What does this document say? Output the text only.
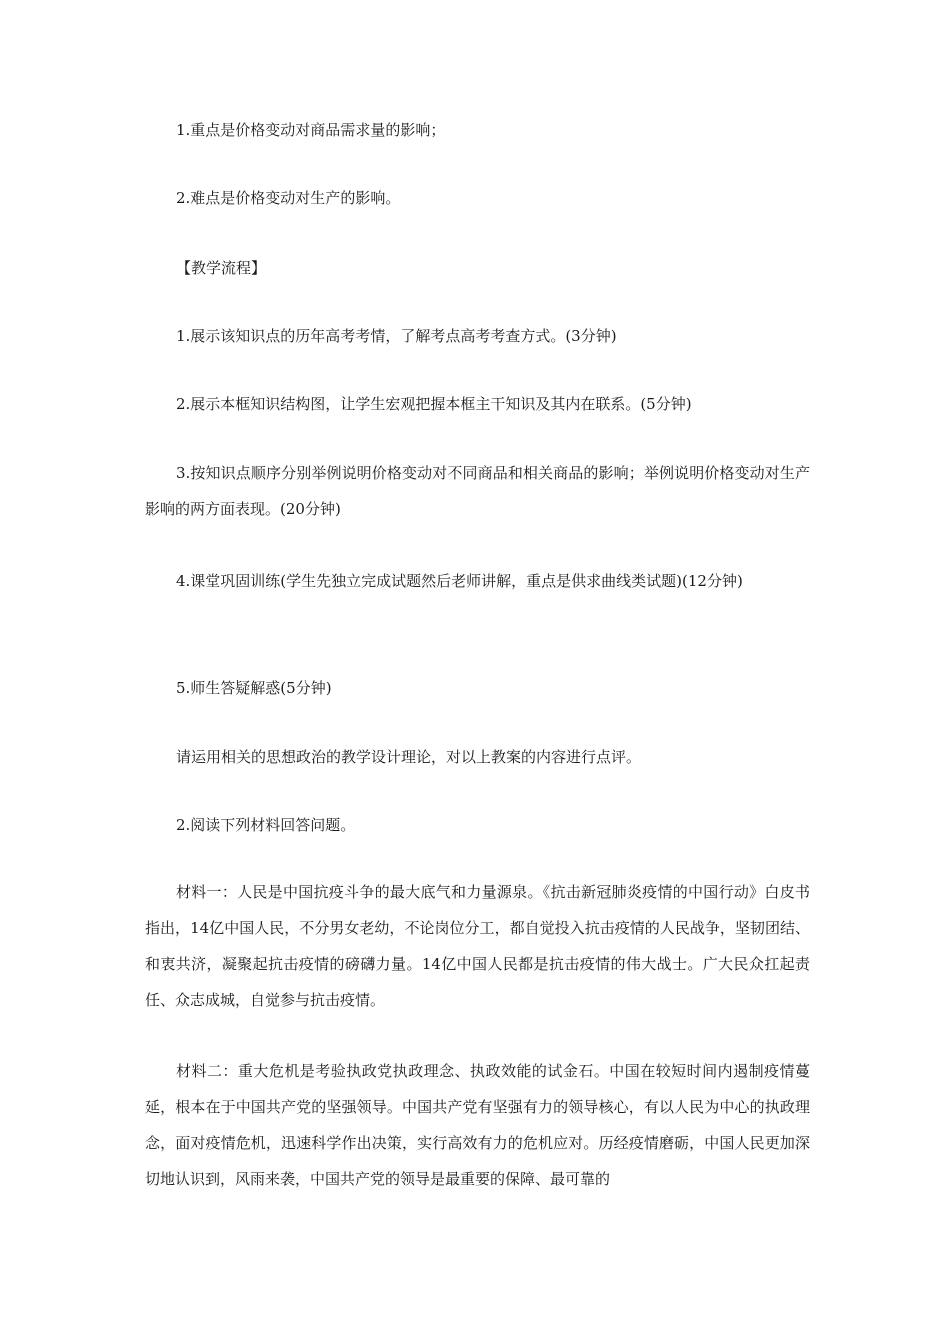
1.重点是价格变动对商品需求量的影响；

2.难点是价格变动对生产的影响。

【教学流程】

1.展示该知识点的历年高考考情，了解考点高考考查方式。(3分钟)

2.展示本框知识结构图，让学生宏观把握本框主干知识及其内在联系。(5分钟)

3.按知识点顺序分别举例说明价格变动对不同商品和相关商品的影响；举例说明价格变动对生产影响的两方面表现。(20分钟)

4.课堂巩固训练(学生先独立完成试题然后老师讲解，重点是供求曲线类试题)(12分钟)

5.师生答疑解惑(5分钟)

请运用相关的思想政治的教学设计理论，对以上教案的内容进行点评。

2.阅读下列材料回答问题。

材料一：人民是中国抗疫斗争的最大底气和力量源泉。《抗击新冠肺炎疫情的中国行动》白皮书指出，14亿中国人民，不分男女老幼，不论岗位分工，都自觉投入抗击疫情的人民战争，坚韧团结、和衷共济，凝聚起抗击疫情的磅礴力量。14亿中国人民都是抗击疫情的伟大战士。广大民众扛起责任、众志成城，自觉参与抗击疫情。

材料二：重大危机是考验执政党执政理念、执政效能的试金石。中国在较短时间内遏制疫情蔓延，根本在于中国共产党的坚强领导。中国共产党有坚强有力的领导核心，有以人民为中心的执政理念，面对疫情危机，迅速科学作出决策，实行高效有力的危机应对。历经疫情磨砺，中国人民更加深切地认识到，风雨来袭，中国共产党的领导是最重要的保障、最可靠的
